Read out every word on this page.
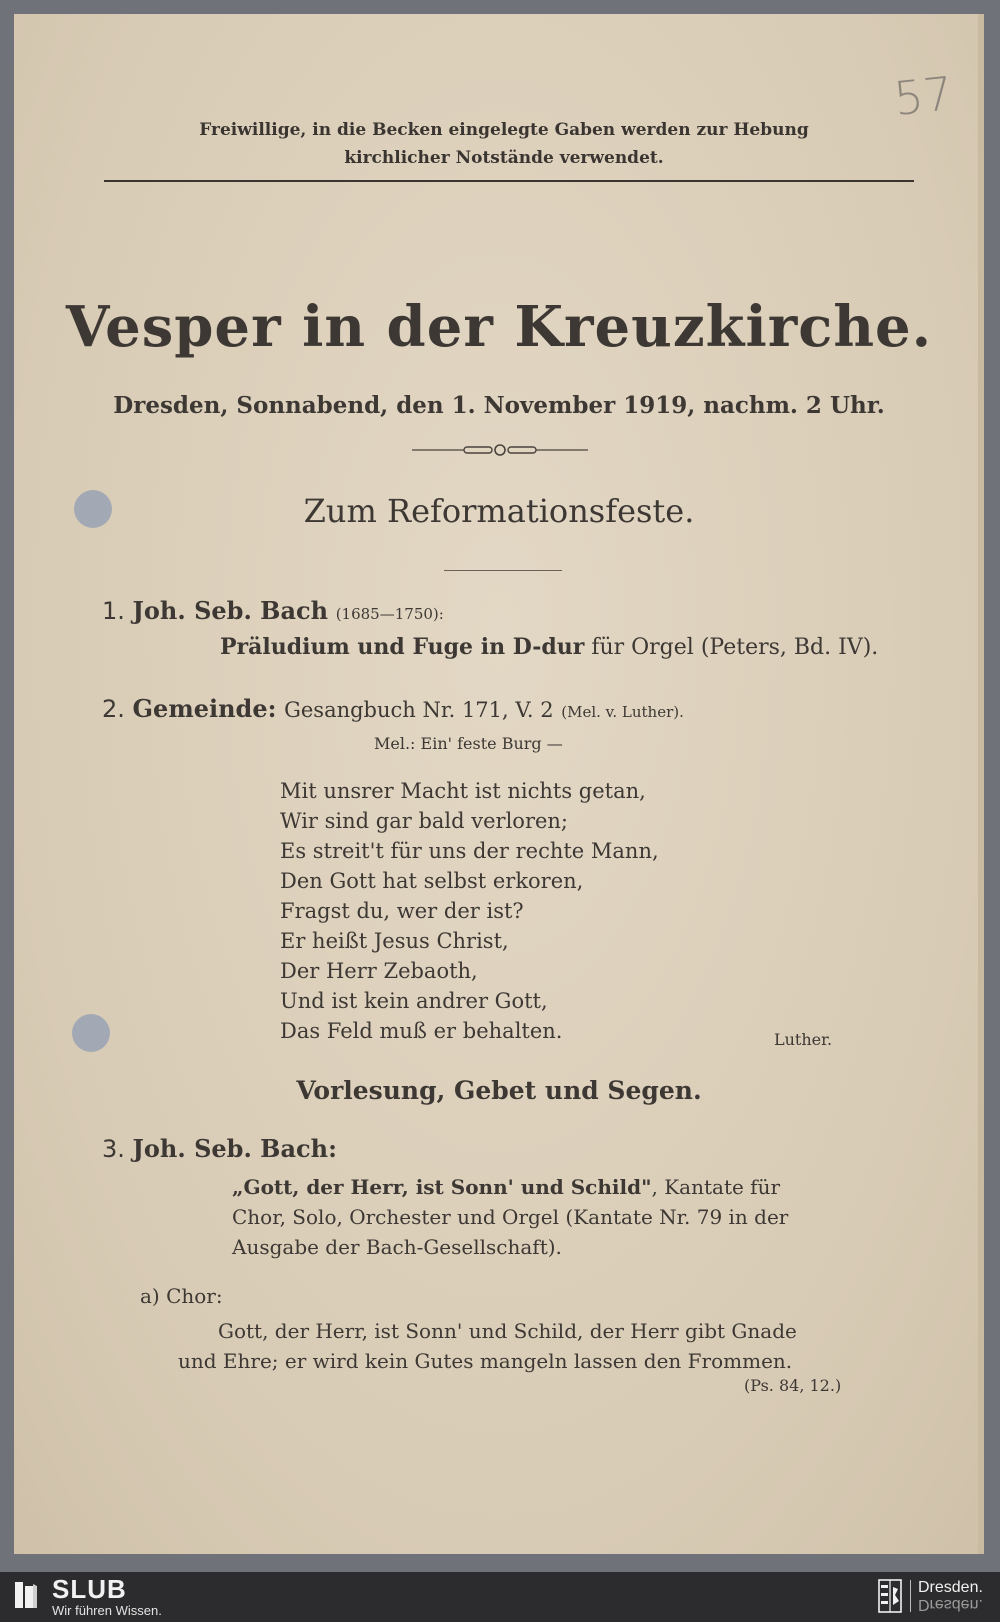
57
Freiwillige, in die Becken eingelegte Gaben werden zur Hebung
kirchlicher Notstände verwendet.
Vesper in der Kreuzkirche.
Dresden, Sonnabend, den 1. November 1919, nachm. 2 Uhr.
Zum Reformationsfeste.
1. Joh. Seb. Bach (1685—1750):
Präludium und Fuge in D-dur für Orgel (Peters, Bd. IV).
2. Gemeinde: Gesangbuch Nr. 171, V. 2 (Mel. v. Luther).
Mel.: Ein' feste Burg —
Mit unsrer Macht ist nichts getan,
Wir sind gar bald verloren;
Es streit't für uns der rechte Mann,
Den Gott hat selbst erkoren,
Fragst du, wer der ist?
Er heißt Jesus Christ,
Der Herr Zebaoth,
Und ist kein andrer Gott,
Das Feld muß er behalten.	Luther.
Vorlesung, Gebet und Segen.
3. Joh. Seb. Bach:
„Gott, der Herr, ist Sonn' und Schild", Kantate für
Chor, Solo, Orchester und Orgel (Kantate Nr. 79 in der
Ausgabe der Bach-Gesellschaft).
a) Chor:
Gott, der Herr, ist Sonn' und Schild, der Herr gibt Gnade
und Ehre; er wird kein Gutes mangeln lassen den Frommen.
(Ps. 84, 12.)
SLUB
Wir führen Wissen.
Dresden.
Dresden.
